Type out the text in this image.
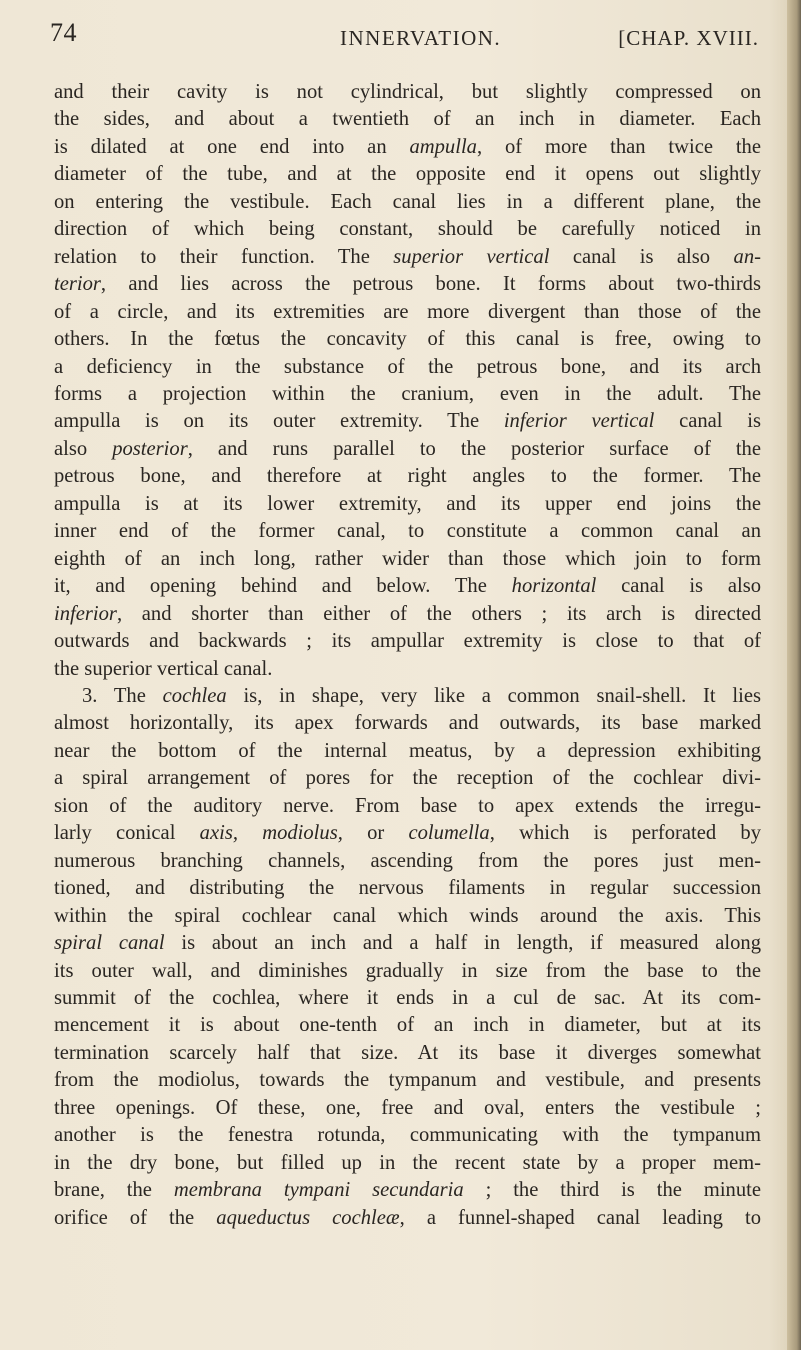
74	INNERVATION.	[CHAP. XVIII.
and their cavity is not cylindrical, but slightly compressed on
the sides, and about a twentieth of an inch in diameter. Each
is dilated at one end into an ampulla, of more than twice the
diameter of the tube, and at the opposite end it opens out slightly
on entering the vestibule. Each canal lies in a different plane, the
direction of which being constant, should be carefully noticed in
relation to their function. The superior vertical canal is also an-
terior, and lies across the petrous bone. It forms about two-thirds
of a circle, and its extremities are more divergent than those of the
others. In the fœtus the concavity of this canal is free, owing to
a deficiency in the substance of the petrous bone, and its arch
forms a projection within the cranium, even in the adult. The
ampulla is on its outer extremity. The inferior vertical canal is
also posterior, and runs parallel to the posterior surface of the
petrous bone, and therefore at right angles to the former. The
ampulla is at its lower extremity, and its upper end joins the
inner end of the former canal, to constitute a common canal an
eighth of an inch long, rather wider than those which join to form
it, and opening behind and below. The horizontal canal is also
inferior, and shorter than either of the others ; its arch is directed
outwards and backwards ; its ampullar extremity is close to that of
the superior vertical canal.
3. The cochlea is, in shape, very like a common snail-shell. It lies
almost horizontally, its apex forwards and outwards, its base marked
near the bottom of the internal meatus, by a depression exhibiting
a spiral arrangement of pores for the reception of the cochlear divi-
sion of the auditory nerve. From base to apex extends the irregu-
larly conical axis, modiolus, or columella, which is perforated by
numerous branching channels, ascending from the pores just men-
tioned, and distributing the nervous filaments in regular succession
within the spiral cochlear canal which winds around the axis. This
spiral canal is about an inch and a half in length, if measured along
its outer wall, and diminishes gradually in size from the base to the
summit of the cochlea, where it ends in a cul de sac. At its com-
mencement it is about one-tenth of an inch in diameter, but at its
termination scarcely half that size. At its base it diverges somewhat
from the modiolus, towards the tympanum and vestibule, and presents
three openings. Of these, one, free and oval, enters the vestibule ;
another is the fenestra rotunda, communicating with the tympanum
in the dry bone, but filled up in the recent state by a proper mem-
brane, the membrana tympani secundaria ; the third is the minute
orifice of the aqueductus cochleæ, a funnel-shaped canal leading to
